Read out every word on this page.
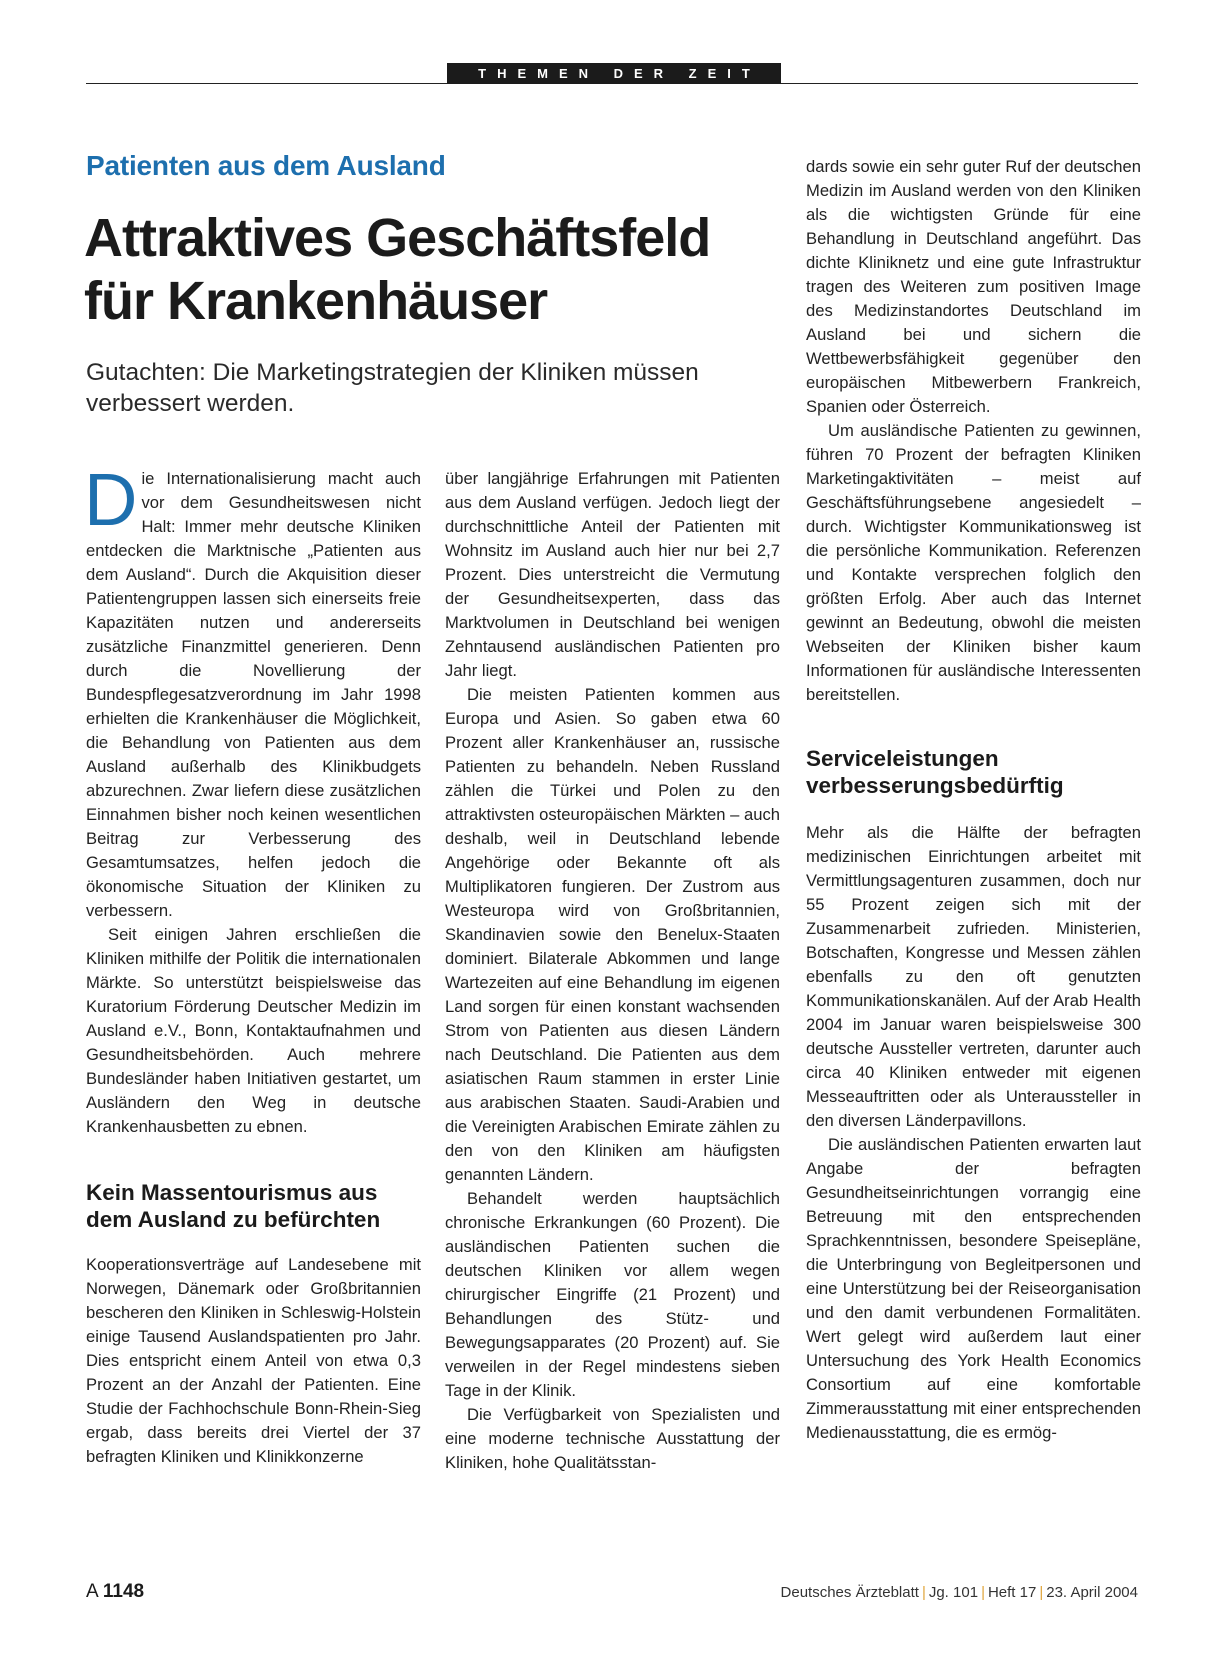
THEMEN DER ZEIT
Patienten aus dem Ausland
Attraktives Geschäftsfeld
für Krankenhäuser

Gutachten: Die Marketingstrategien der Kliniken müssen verbessert werden.

Die Internationalisierung macht auch vor dem Gesundheitswesen nicht Halt: Immer mehr deutsche Kliniken entdecken die Marktnische „Patienten aus dem Ausland“. Durch die Akquisition dieser Patientengruppen lassen sich einerseits freie Kapazitäten nutzen und andererseits zusätzliche Finanzmittel generieren. Denn durch die Novellierung der Bundespflegesatzverordnung im Jahr 1998 erhielten die Krankenhäuser die Möglichkeit, die Behandlung von Patienten aus dem Ausland außerhalb des Klinikbudgets abzurechnen. Zwar liefern diese zusätzlichen Einnahmen bisher noch keinen wesentlichen Beitrag zur Verbesserung des Gesamtumsatzes, helfen jedoch die ökonomische Situation der Kliniken zu verbessern.

Seit einigen Jahren erschließen die Kliniken mithilfe der Politik die internationalen Märkte. So unterstützt beispielsweise das Kuratorium Förderung Deutscher Medizin im Ausland e.V., Bonn, Kontaktaufnahmen und Gesundheitsbehörden. Auch mehrere Bundesländer haben Initiativen gestartet, um Ausländern den Weg in deutsche Krankenhausbetten zu ebnen.

Kein Massentourismus aus dem Ausland zu befürchten

Kooperationsverträge auf Landesebene mit Norwegen, Dänemark oder Großbritannien bescheren den Kliniken in Schleswig-Holstein einige Tausend Auslandspatienten pro Jahr. Dies entspricht einem Anteil von etwa 0,3 Prozent an der Anzahl der Patienten. Eine Studie der Fachhochschule Bonn-Rhein-Sieg ergab, dass bereits drei Viertel der 37 befragten Kliniken und Klinikkonzerne

über langjährige Erfahrungen mit Patienten aus dem Ausland verfügen. Jedoch liegt der durchschnittliche Anteil der Patienten mit Wohnsitz im Ausland auch hier nur bei 2,7 Prozent. Dies unterstreicht die Vermutung der Gesundheitsexperten, dass das Marktvolumen in Deutschland bei wenigen Zehntausend ausländischen Patienten pro Jahr liegt.

Die meisten Patienten kommen aus Europa und Asien. So gaben etwa 60 Prozent aller Krankenhäuser an, russische Patienten zu behandeln. Neben Russland zählen die Türkei und Polen zu den attraktivsten osteuropäischen Märkten – auch deshalb, weil in Deutschland lebende Angehörige oder Bekannte oft als Multiplikatoren fungieren. Der Zustrom aus Westeuropa wird von Großbritannien, Skandinavien sowie den Benelux-Staaten dominiert. Bilaterale Abkommen und lange Wartezeiten auf eine Behandlung im eigenen Land sorgen für einen konstant wachsenden Strom von Patienten aus diesen Ländern nach Deutschland. Die Patienten aus dem asiatischen Raum stammen in erster Linie aus arabischen Staaten. Saudi-Arabien und die Vereinigten Arabischen Emirate zählen zu den von den Kliniken am häufigsten genannten Ländern.

Behandelt werden hauptsächlich chronische Erkrankungen (60 Prozent). Die ausländischen Patienten suchen die deutschen Kliniken vor allem wegen chirurgischer Eingriffe (21 Prozent) und Behandlungen des Stütz- und Bewegungsapparates (20 Prozent) auf. Sie verweilen in der Regel mindestens sieben Tage in der Klinik.

Die Verfügbarkeit von Spezialisten und eine moderne technische Ausstattung der Kliniken, hohe Qualitätsstan-

dards sowie ein sehr guter Ruf der deutschen Medizin im Ausland werden von den Kliniken als die wichtigsten Gründe für eine Behandlung in Deutschland angeführt. Das dichte Kliniknetz und eine gute Infrastruktur tragen des Weiteren zum positiven Image des Medizinstandortes Deutschland im Ausland bei und sichern die Wettbewerbsfähigkeit gegenüber den europäischen Mitbewerbern Frankreich, Spanien oder Österreich.

Um ausländische Patienten zu gewinnen, führen 70 Prozent der befragten Kliniken Marketingaktivitäten – meist auf Geschäftsführungsebene angesiedelt – durch. Wichtigster Kommunikationsweg ist die persönliche Kommunikation. Referenzen und Kontakte versprechen folglich den größten Erfolg. Aber auch das Internet gewinnt an Bedeutung, obwohl die meisten Webseiten der Kliniken bisher kaum Informationen für ausländische Interessenten bereitstellen.

Serviceleistungen verbesserungsbedürftig

Mehr als die Hälfte der befragten medizinischen Einrichtungen arbeitet mit Vermittlungsagenturen zusammen, doch nur 55 Prozent zeigen sich mit der Zusammenarbeit zufrieden. Ministerien, Botschaften, Kongresse und Messen zählen ebenfalls zu den oft genutzten Kommunikationskanälen. Auf der Arab Health 2004 im Januar waren beispielsweise 300 deutsche Aussteller vertreten, darunter auch circa 40 Kliniken entweder mit eigenen Messeauftritten oder als Unteraussteller in den diversen Länderpavillons.

Die ausländischen Patienten erwarten laut Angabe der befragten Gesundheitseinrichtungen vorrangig eine Betreuung mit den entsprechenden Sprachkenntnissen, besondere Speisepläne, die Unterbringung von Begleitpersonen und eine Unterstützung bei der Reiseorganisation und den damit verbundenen Formalitäten. Wert gelegt wird außerdem laut einer Untersuchung des York Health Economics Consortium auf eine komfortable Zimmerausstattung mit einer entsprechenden Medienausstattung, die es ermög-

A 1148	Deutsches Ärzteblatt | Jg. 101 | Heft 17 | 23. April 2004
